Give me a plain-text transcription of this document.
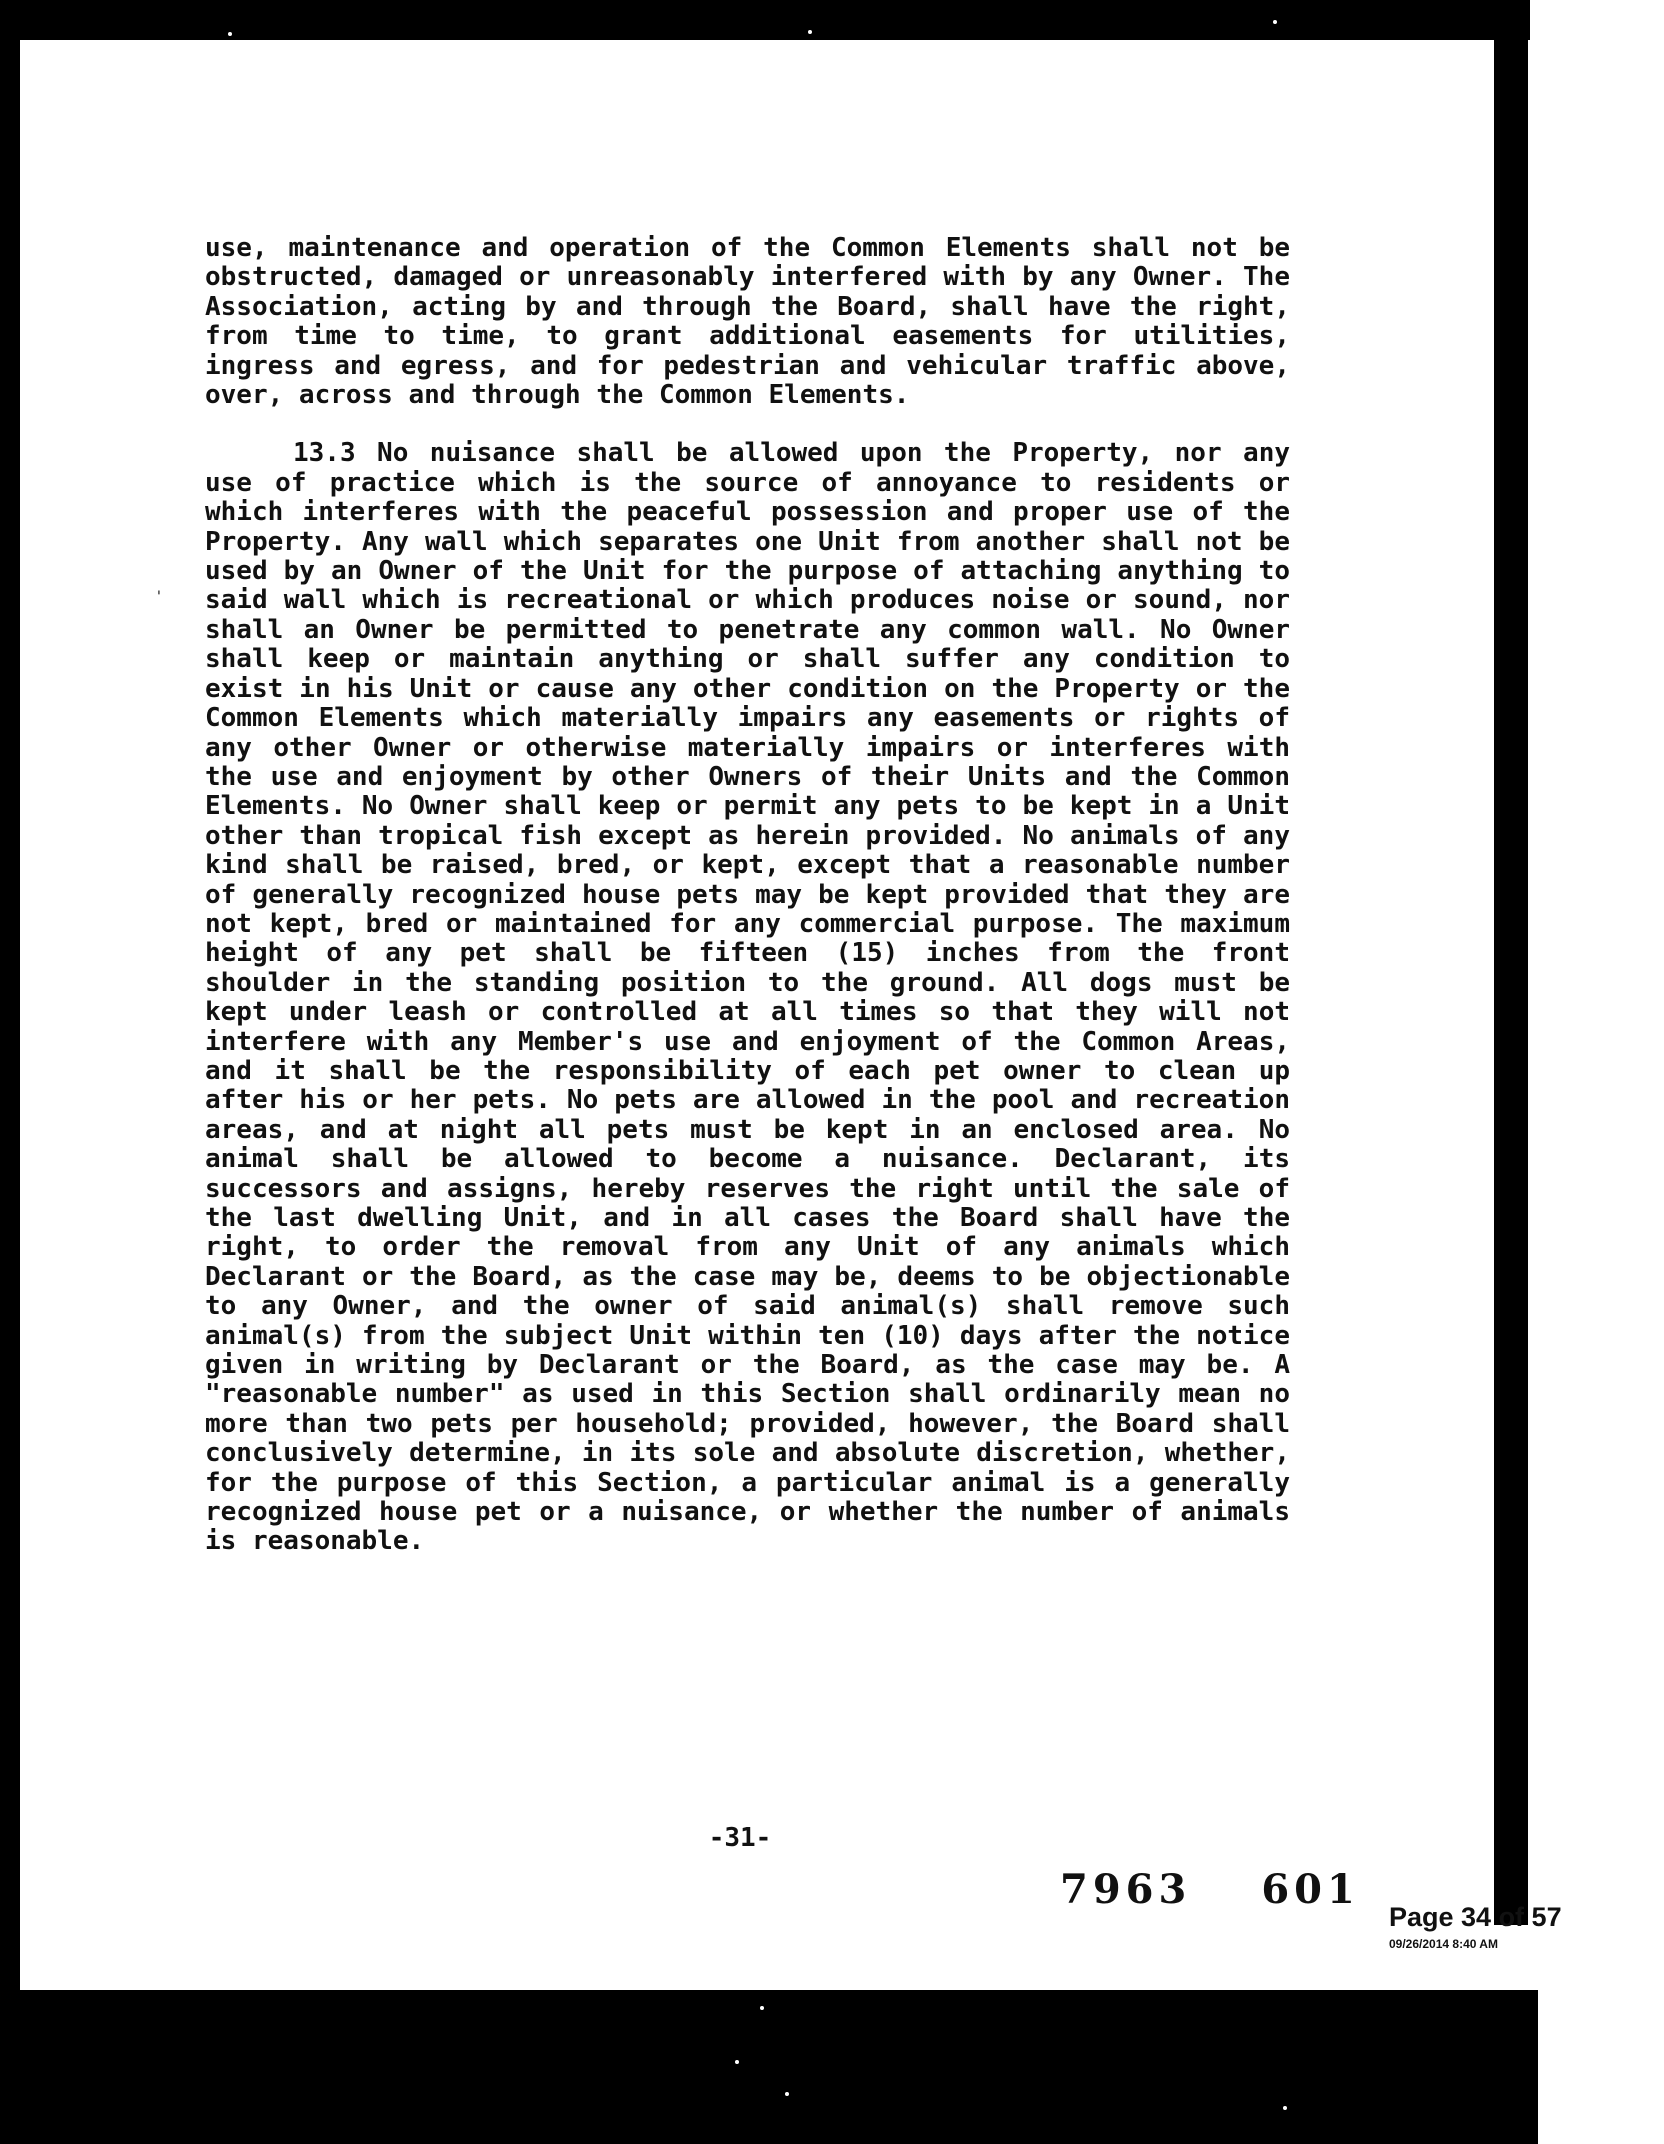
'

use, maintenance and operation of the Common Elements shall not be obstructed, damaged or unreasonably interfered with by any Owner. The Association, acting by and through the Board, shall have the right, from time to time, to grant additional easements for utilities, ingress and egress, and for pedestrian and vehicular traffic above, over, across and through the Common Elements.

13.3 No nuisance shall be allowed upon the Property, nor any use of practice which is the source of annoyance to residents or which interferes with the peaceful possession and proper use of the Property. Any wall which separates one Unit from another shall not be used by an Owner of the Unit for the purpose of attaching anything to said wall which is recreational or which produces noise or sound, nor shall an Owner be permitted to penetrate any common wall. No Owner shall keep or maintain anything or shall suffer any condition to exist in his Unit or cause any other condition on the Property or the Common Elements which materially impairs any easements or rights of any other Owner or otherwise materially impairs or interferes with the use and enjoyment by other Owners of their Units and the Common Elements. No Owner shall keep or permit any pets to be kept in a Unit other than tropical fish except as herein provided. No animals of any kind shall be raised, bred, or kept, except that a reasonable number of generally recognized house pets may be kept provided that they are not kept, bred or maintained for any commercial purpose. The maximum height of any pet shall be fifteen (15) inches from the front shoulder in the standing position to the ground. All dogs must be kept under leash or controlled at all times so that they will not interfere with any Member's use and enjoyment of the Common Areas, and it shall be the responsibility of each pet owner to clean up after his or her pets. No pets are allowed in the pool and recreation areas, and at night all pets must be kept in an enclosed area. No animal shall be allowed to become a nuisance. Declarant, its successors and assigns, hereby reserves the right until the sale of the last dwelling Unit, and in all cases the Board shall have the right, to order the removal from any Unit of any animals which Declarant or the Board, as the case may be, deems to be objectionable to any Owner, and the owner of said animal(s) shall remove such animal(s) from the subject Unit within ten (10) days after the notice given in writing by Declarant or the Board, as the case may be. A "reasonable number" as used in this Section shall ordinarily mean no more than two pets per household; provided, however, the Board shall conclusively determine, in its sole and absolute discretion, whether, for the purpose of this Section, a particular animal is a generally recognized house pet or a nuisance, or whether the number of animals is reasonable.

-31-
7963 601
Page 34 of 57
09/26/2014 8:40 AM
